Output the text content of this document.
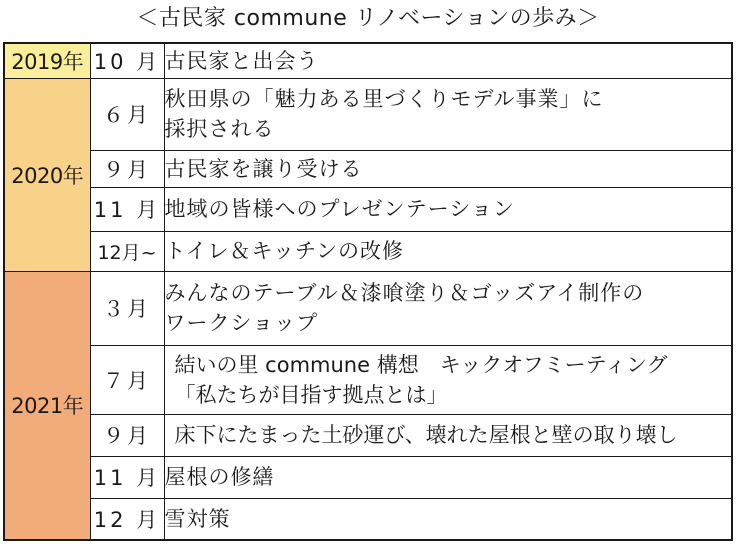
＜古民家 commune リノベーションの歩み＞
2019年	10 月	古民家と出会う
2020年	６月	秋田県の「魅力ある里づくりモデル事業」に
採択される
	９月	古民家を譲り受ける
	11 月	地域の皆様へのプレゼンテーション
	12月~	トイレ＆キッチンの改修
2021年	３月	みんなのテーブル＆漆喰塗り＆ゴッズアイ制作の
ワークショップ
	７月	結いの里 commune 構想　キックオフミーティング
「私たちが目指す拠点とは」
	９月	床下にたまった土砂運び、壊れた屋根と壁の取り壊し
	11 月	屋根の修繕
	12 月	雪対策
